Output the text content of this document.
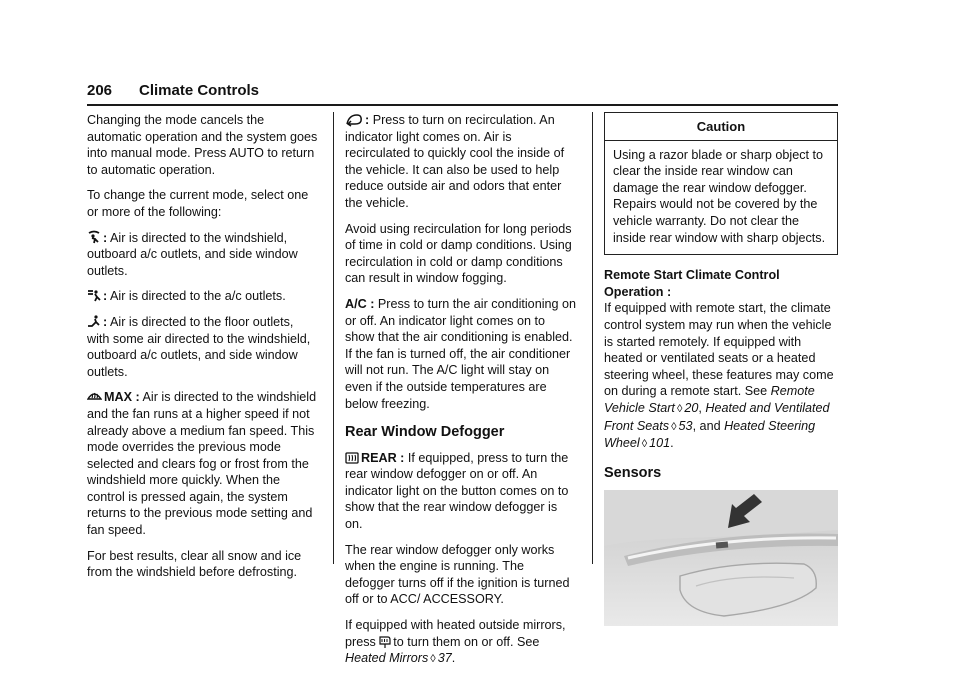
206 Climate Controls

Changing the mode cancels the automatic operation and the system goes into manual mode. Press AUTO to return to automatic operation.

To change the current mode, select one or more of the following:

: Air is directed to the windshield, outboard a/c outlets, and side window outlets.

: Air is directed to the a/c outlets.

: Air is directed to the floor outlets, with some air directed to the windshield, outboard a/c outlets, and side window outlets.

MAX : Air is directed to the windshield and the fan runs at a higher speed if not already above a medium fan speed. This mode overrides the previous mode selected and clears fog or frost from the windshield more quickly. When the control is pressed again, the system returns to the previous mode setting and fan speed.

For best results, clear all snow and ice from the windshield before defrosting.

: Press to turn on recirculation. An indicator light comes on. Air is recirculated to quickly cool the inside of the vehicle. It can also be used to help reduce outside air and odors that enter the vehicle.

Avoid using recirculation for long periods of time in cold or damp conditions. Using recirculation in cold or damp conditions can result in window fogging.

A/C : Press to turn the air conditioning on or off. An indicator light comes on to show that the air conditioning is enabled. If the fan is turned off, the air conditioner will not run. The A/C light will stay on even if the outside temperatures are below freezing.

Rear Window Defogger

REAR : If equipped, press to turn the rear window defogger on or off. An indicator light on the button comes on to show that the rear window defogger is on.

The rear window defogger only works when the engine is running. The defogger turns off if the ignition is turned off or to ACC/ ACCESSORY.

If equipped with heated outside mirrors, press to turn them on or off. See Heated Mirrors ◊ 37.

Caution
Using a razor blade or sharp object to clear the inside rear window can damage the rear window defogger. Repairs would not be covered by the vehicle warranty. Do not clear the inside rear window with sharp objects.

Remote Start Climate Control Operation :
If equipped with remote start, the climate control system may run when the vehicle is started remotely. If equipped with heated or ventilated seats or a heated steering wheel, these features may come on during a remote start. See Remote Vehicle Start ◊ 20, Heated and Ventilated Front Seats ◊ 53, and Heated Steering Wheel ◊ 101.

Sensors
